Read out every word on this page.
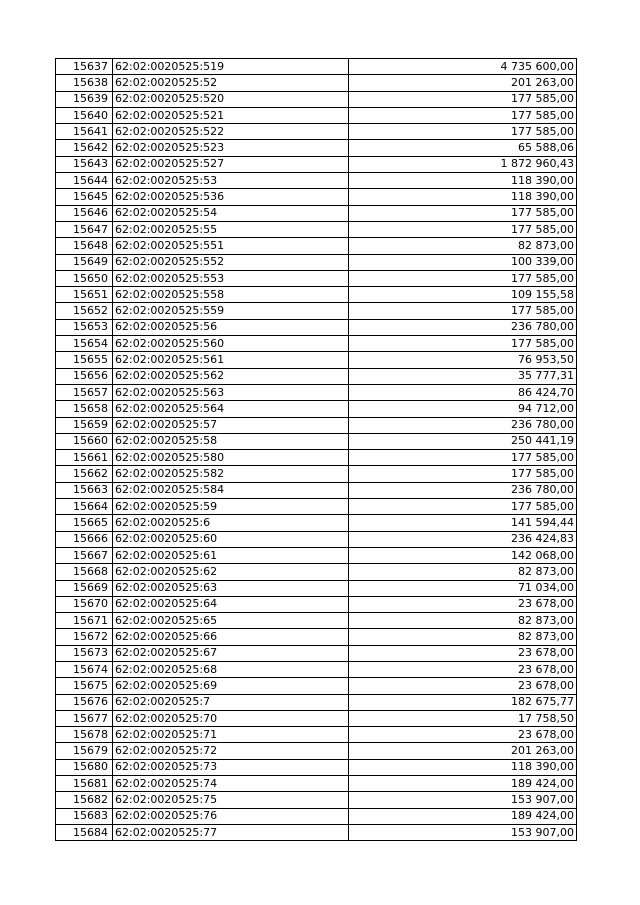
15637	62:02:0020525:519	4 735 600,00
15638	62:02:0020525:52	201 263,00
15639	62:02:0020525:520	177 585,00
15640	62:02:0020525:521	177 585,00
15641	62:02:0020525:522	177 585,00
15642	62:02:0020525:523	65 588,06
15643	62:02:0020525:527	1 872 960,43
15644	62:02:0020525:53	118 390,00
15645	62:02:0020525:536	118 390,00
15646	62:02:0020525:54	177 585,00
15647	62:02:0020525:55	177 585,00
15648	62:02:0020525:551	82 873,00
15649	62:02:0020525:552	100 339,00
15650	62:02:0020525:553	177 585,00
15651	62:02:0020525:558	109 155,58
15652	62:02:0020525:559	177 585,00
15653	62:02:0020525:56	236 780,00
15654	62:02:0020525:560	177 585,00
15655	62:02:0020525:561	76 953,50
15656	62:02:0020525:562	35 777,31
15657	62:02:0020525:563	86 424,70
15658	62:02:0020525:564	94 712,00
15659	62:02:0020525:57	236 780,00
15660	62:02:0020525:58	250 441,19
15661	62:02:0020525:580	177 585,00
15662	62:02:0020525:582	177 585,00
15663	62:02:0020525:584	236 780,00
15664	62:02:0020525:59	177 585,00
15665	62:02:0020525:6	141 594,44
15666	62:02:0020525:60	236 424,83
15667	62:02:0020525:61	142 068,00
15668	62:02:0020525:62	82 873,00
15669	62:02:0020525:63	71 034,00
15670	62:02:0020525:64	23 678,00
15671	62:02:0020525:65	82 873,00
15672	62:02:0020525:66	82 873,00
15673	62:02:0020525:67	23 678,00
15674	62:02:0020525:68	23 678,00
15675	62:02:0020525:69	23 678,00
15676	62:02:0020525:7	182 675,77
15677	62:02:0020525:70	17 758,50
15678	62:02:0020525:71	23 678,00
15679	62:02:0020525:72	201 263,00
15680	62:02:0020525:73	118 390,00
15681	62:02:0020525:74	189 424,00
15682	62:02:0020525:75	153 907,00
15683	62:02:0020525:76	189 424,00
15684	62:02:0020525:77	153 907,00
